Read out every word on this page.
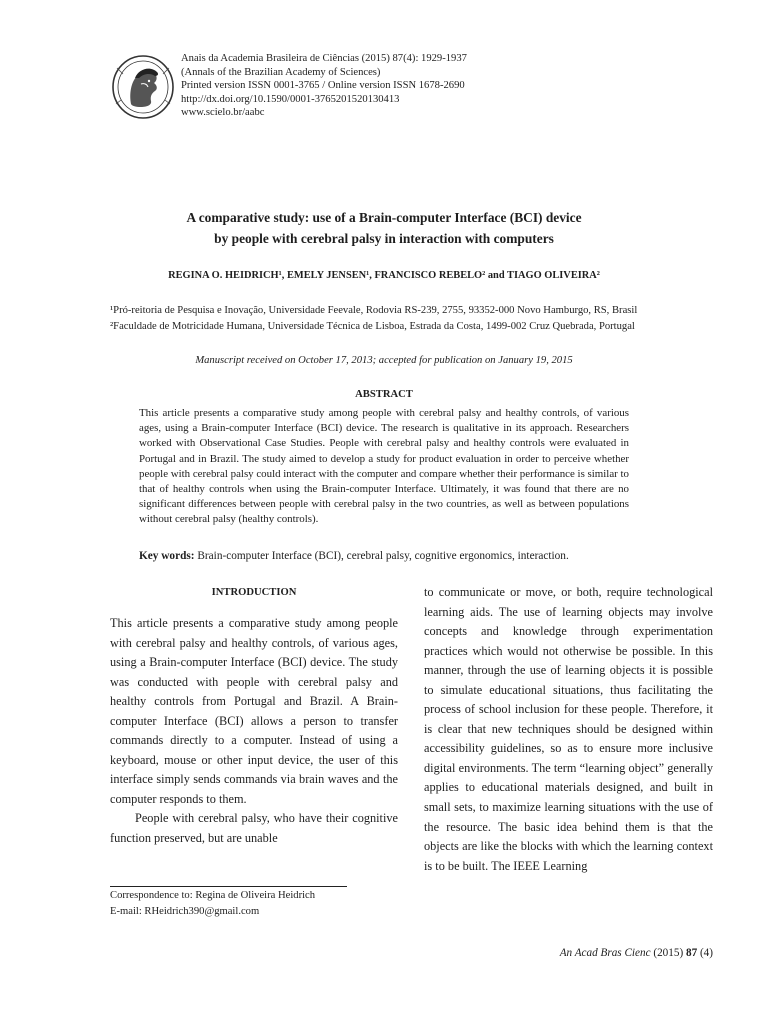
Anais da Academia Brasileira de Ciências (2015) 87(4): 1929-1937
(Annals of the Brazilian Academy of Sciences)
Printed version ISSN 0001-3765 / Online version ISSN 1678-2690
http://dx.doi.org/10.1590/0001-3765201520130413
www.scielo.br/aabc
A comparative study: use of a Brain-computer Interface (BCI) device
by people with cerebral palsy in interaction with computers
REGINA O. HEIDRICH¹, EMELY JENSEN¹, FRANCISCO REBELO² and TIAGO OLIVEIRA²
¹Pró-reitoria de Pesquisa e Inovação, Universidade Feevale, Rodovia RS-239, 2755, 93352-000 Novo Hamburgo, RS, Brasil
²Faculdade de Motricidade Humana, Universidade Técnica de Lisboa, Estrada da Costa, 1499-002 Cruz Quebrada, Portugal
Manuscript received on October 17, 2013; accepted for publication on January 19, 2015
ABSTRACT
This article presents a comparative study among people with cerebral palsy and healthy controls, of various ages, using a Brain-computer Interface (BCI) device. The research is qualitative in its approach. Researchers worked with Observational Case Studies. People with cerebral palsy and healthy controls were evaluated in Portugal and in Brazil. The study aimed to develop a study for product evaluation in order to perceive whether people with cerebral palsy could interact with the computer and compare whether their performance is similar to that of healthy controls when using the Brain-computer Interface. Ultimately, it was found that there are no significant differences between people with cerebral palsy in the two countries, as well as between populations without cerebral palsy (healthy controls).
Key words: Brain-computer Interface (BCI), cerebral palsy, cognitive ergonomics, interaction.
INTRODUCTION

This article presents a comparative study among people with cerebral palsy and healthy controls, of various ages, using a Brain-computer Interface (BCI) device. The study was conducted with people with cerebral palsy and healthy controls from Portugal and Brazil. A Brain-computer Interface (BCI) allows a person to transfer commands directly to a computer. Instead of using a keyboard, mouse or other input device, the user of this interface simply sends commands via brain waves and the computer responds to them.

People with cerebral palsy, who have their cognitive function preserved, but are unable

to communicate or move, or both, require technological learning aids. The use of learning objects may involve concepts and knowledge through experimentation practices which would not otherwise be possible. In this manner, through the use of learning objects it is possible to simulate educational situations, thus facilitating the process of school inclusion for these people. Therefore, it is clear that new techniques should be designed within accessibility guidelines, so as to ensure more inclusive digital environments. The term “learning object” generally applies to educational materials designed, and built in small sets, to maximize learning situations with the use of the resource. The basic idea behind them is that the objects are like the blocks with which the learning context is to be built. The IEEE Learning

Correspondence to: Regina de Oliveira Heidrich
E-mail: RHeidrich390@gmail.com
An Acad Bras Cienc (2015) 87 (4)
